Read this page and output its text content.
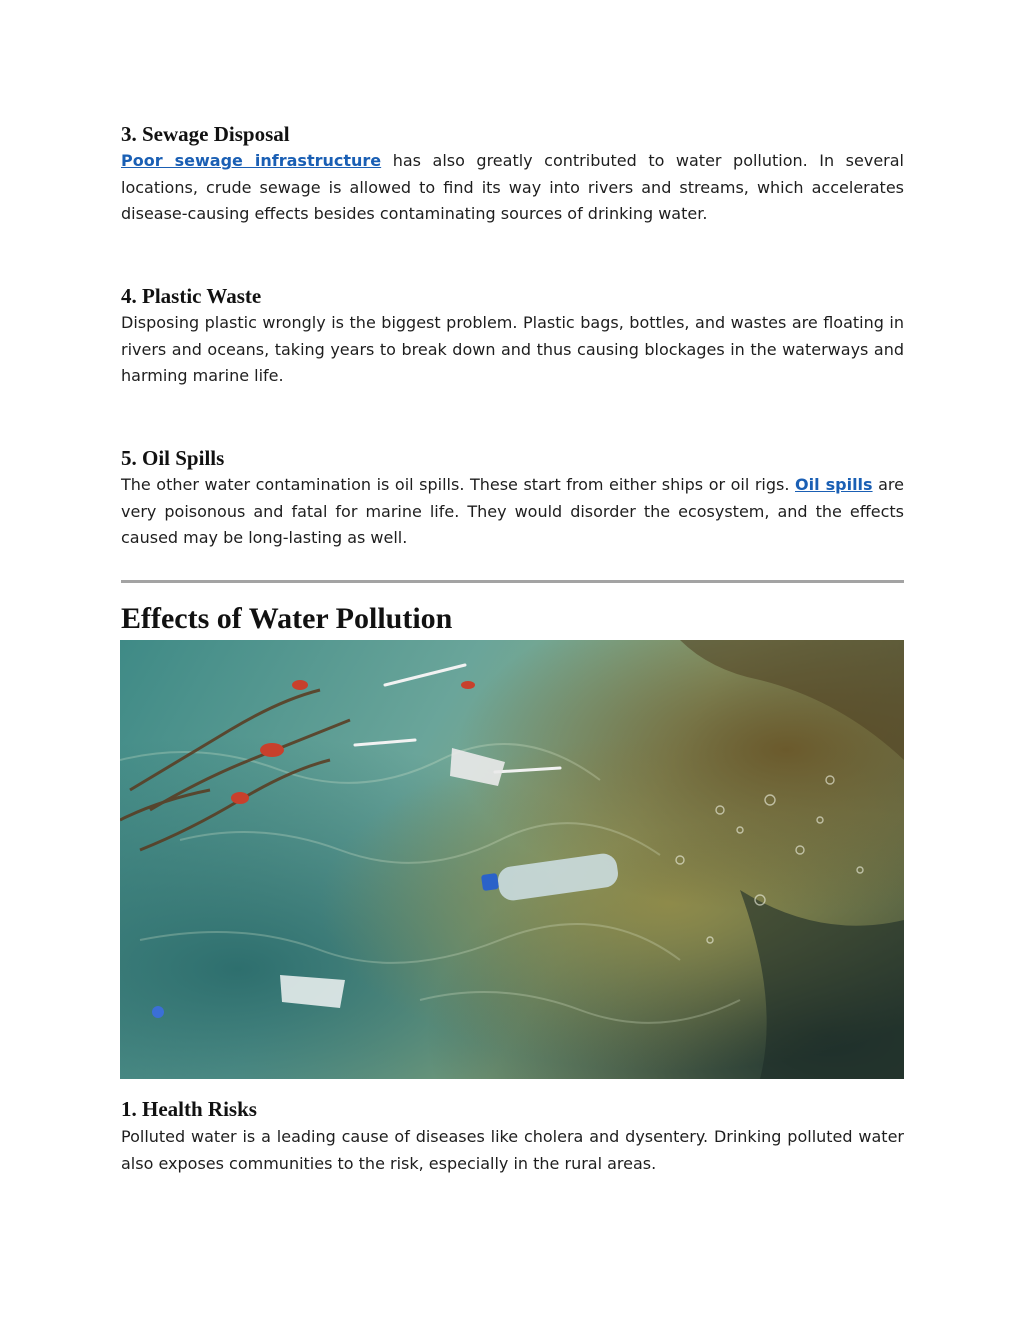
3. Sewage Disposal

Poor sewage infrastructure has also greatly contributed to water pollution. In several locations, crude sewage is allowed to find its way into rivers and streams, which accelerates disease-causing effects besides contaminating sources of drinking water.

4. Plastic Waste

Disposing plastic wrongly is the biggest problem. Plastic bags, bottles, and wastes are floating in rivers and oceans, taking years to break down and thus causing blockages in the waterways and harming marine life.

5. Oil Spills

The other water contamination is oil spills. These start from either ships or oil rigs. Oil spills are very poisonous and fatal for marine life. They would disorder the ecosystem, and the effects caused may be long-lasting as well.

Effects of Water Pollution
1. Health Risks

Polluted water is a leading cause of diseases like cholera and dysentery. Drinking polluted water also exposes communities to the risk, especially in the rural areas.
